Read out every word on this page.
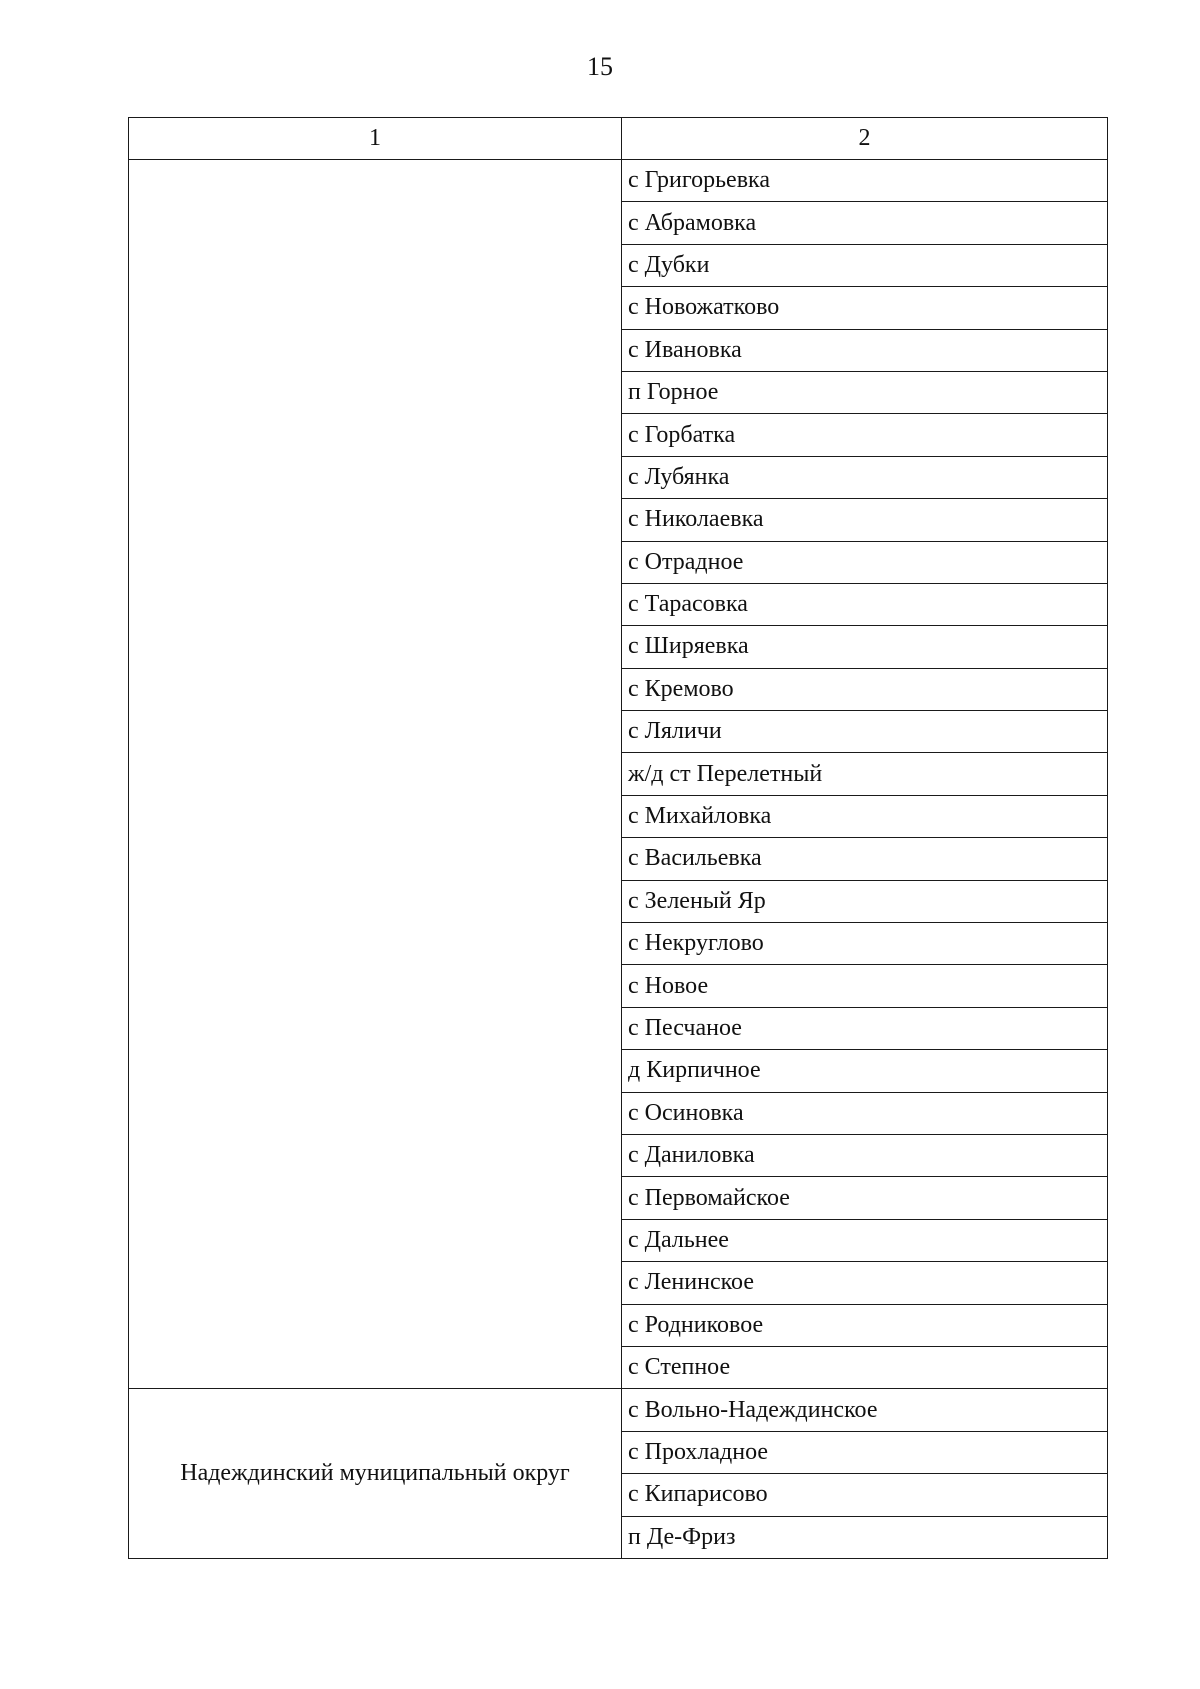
15
1	2
	с Григорьевка
	с Абрамовка
	с Дубки
	с Новожатково
	с Ивановка
	п Горное
	с Горбатка
	с Лубянка
	с Николаевка
	с Отрадное
	с Тарасовка
	с Ширяевка
	с Кремово
	с Ляличи
	ж/д ст Перелетный
	с Михайловка
	с Васильевка
	с Зеленый Яр
	с Некруглово
	с Новое
	с Песчаное
	д Кирпичное
	с Осиновка
	с Даниловка
	с Первомайское
	с Дальнее
	с Ленинское
	с Родниковое
	с Степное
Надеждинский муниципальный округ	с Вольно-Надеждинское
	с Прохладное
	с Кипарисово
	п Де-Фриз
